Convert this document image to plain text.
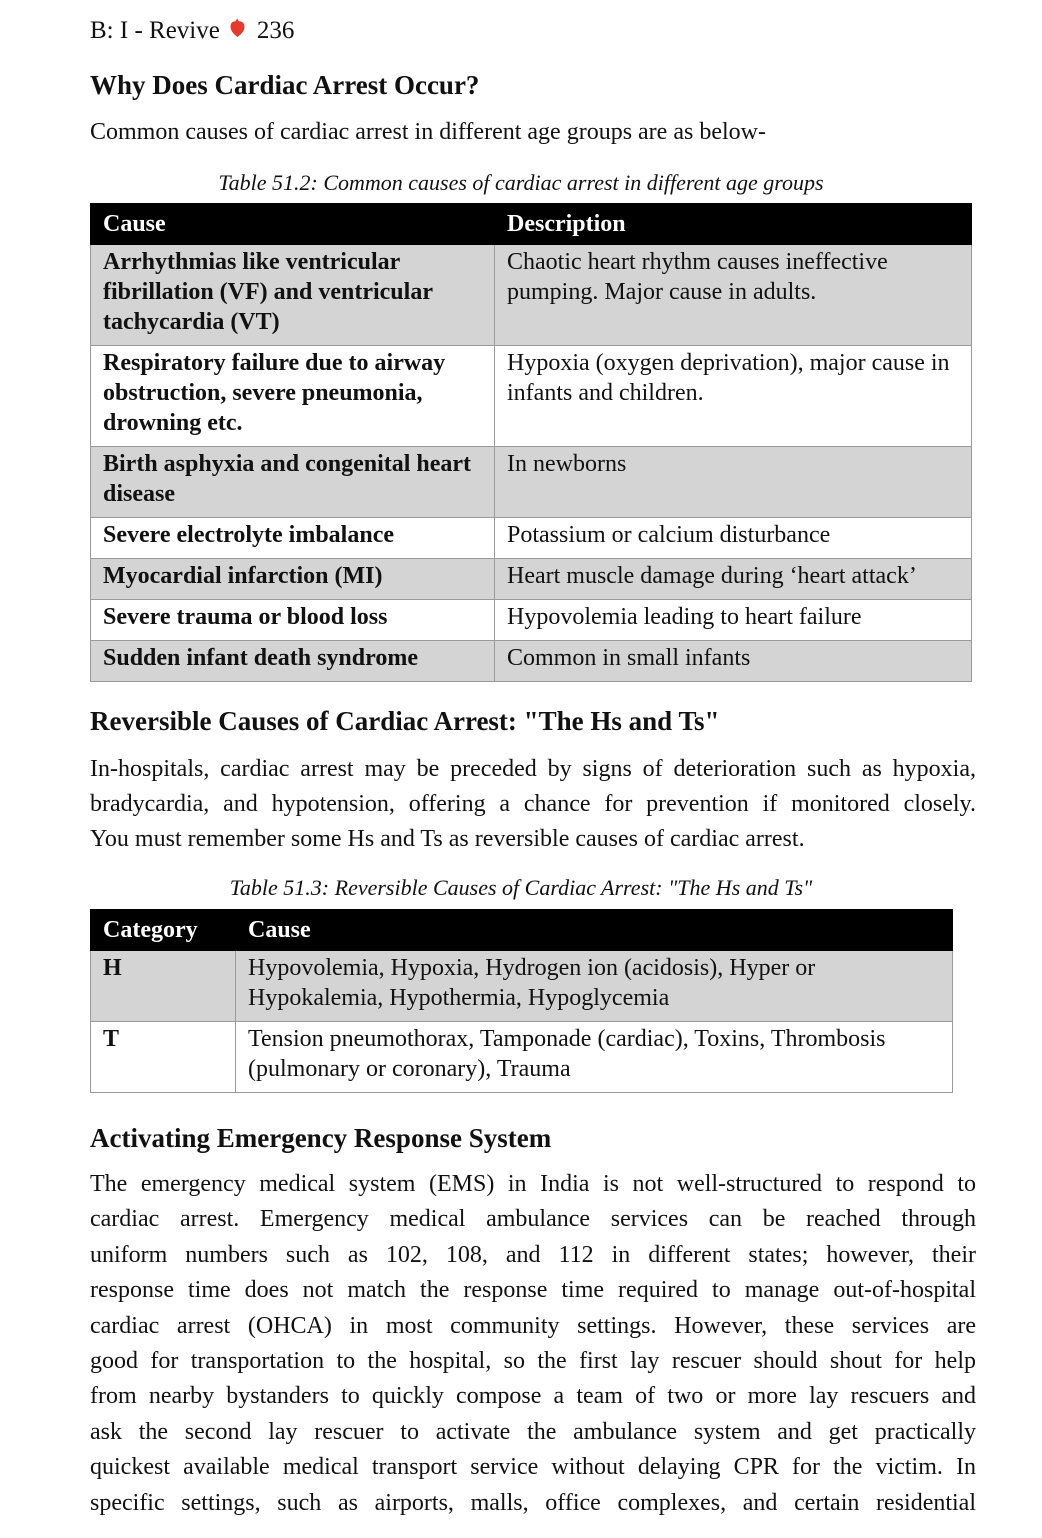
B: I - Revive 236
Why Does Cardiac Arrest Occur?
Common causes of cardiac arrest in different age groups are as below-
Table 51.2: Common causes of cardiac arrest in different age groups
Cause	Description
Arrhythmias like ventricular fibrillation (VF) and ventricular tachycardia (VT)	Chaotic heart rhythm causes ineffective pumping. Major cause in adults.
Respiratory failure due to airway obstruction, severe pneumonia, drowning etc.	Hypoxia (oxygen deprivation), major cause in infants and children.
Birth asphyxia and congenital heart disease	In newborns
Severe electrolyte imbalance	Potassium or calcium disturbance
Myocardial infarction (MI)	Heart muscle damage during ‘heart attack’
Severe trauma or blood loss	Hypovolemia leading to heart failure
Sudden infant death syndrome	Common in small infants
Reversible Causes of Cardiac Arrest: "The Hs and Ts"
In-hospitals, cardiac arrest may be preceded by signs of deterioration such as hypoxia,
bradycardia, and hypotension, offering a chance for prevention if monitored closely.
You must remember some Hs and Ts as reversible causes of cardiac arrest.
Table 51.3: Reversible Causes of Cardiac Arrest: "The Hs and Ts"
Category	Cause
H	Hypovolemia, Hypoxia, Hydrogen ion (acidosis), Hyper or Hypokalemia, Hypothermia, Hypoglycemia
T	Tension pneumothorax, Tamponade (cardiac), Toxins, Thrombosis (pulmonary or coronary), Trauma
Activating Emergency Response System
The emergency medical system (EMS) in India is not well-structured to respond to
cardiac arrest. Emergency medical ambulance services can be reached through
uniform numbers such as 102, 108, and 112 in different states; however, their
response time does not match the response time required to manage out-of-hospital
cardiac arrest (OHCA) in most community settings. However, these services are
good for transportation to the hospital, so the first lay rescuer should shout for help
from nearby bystanders to quickly compose a team of two or more lay rescuers and
ask the second lay rescuer to activate the ambulance system and get practically
quickest available medical transport service without delaying CPR for the victim. In
specific settings, such as airports, malls, office complexes, and certain residential
